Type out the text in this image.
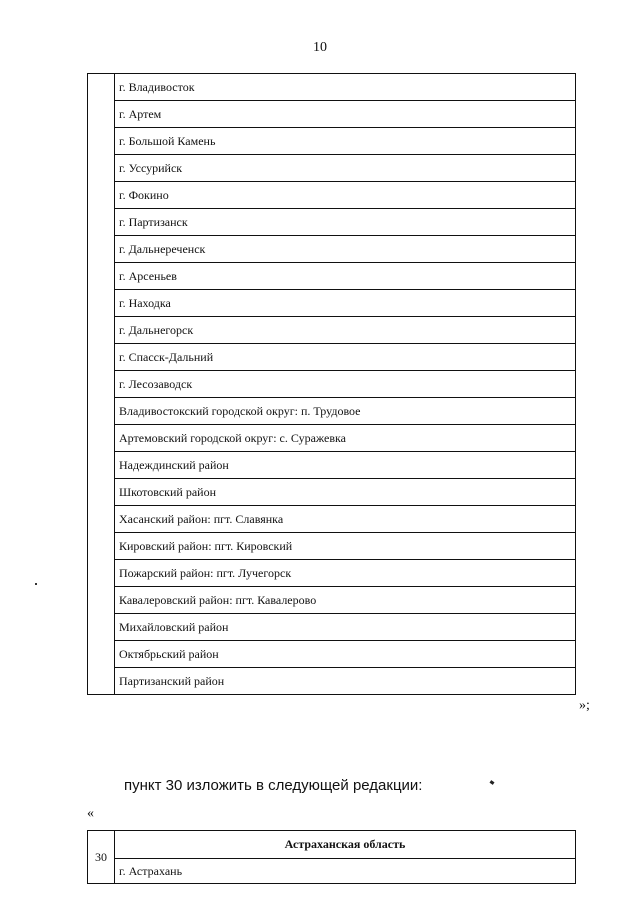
10
	г. Владивосток
г. Артем
г. Большой Камень
г. Уссурийск
г. Фокино
г. Партизанск
г. Дальнереченск
г. Арсеньев
г. Находка
г. Дальнегорск
г. Спасск-Дальний
г. Лесозаводск
Владивостокский городской округ: п. Трудовое
Артемовский городской округ: с. Суражевка
Надеждинский район
Шкотовский район
Хасанский район: пгт. Славянка
Кировский район: пгт. Кировский
Пожарский район: пгт. Лучегорск
Кавалеровский район: пгт. Кавалерово
Михайловский район
Октябрьский район
Партизанский район
»;
пункт 30 изложить в следующей редакции:
«
30	Астраханская область
г. Астрахань
